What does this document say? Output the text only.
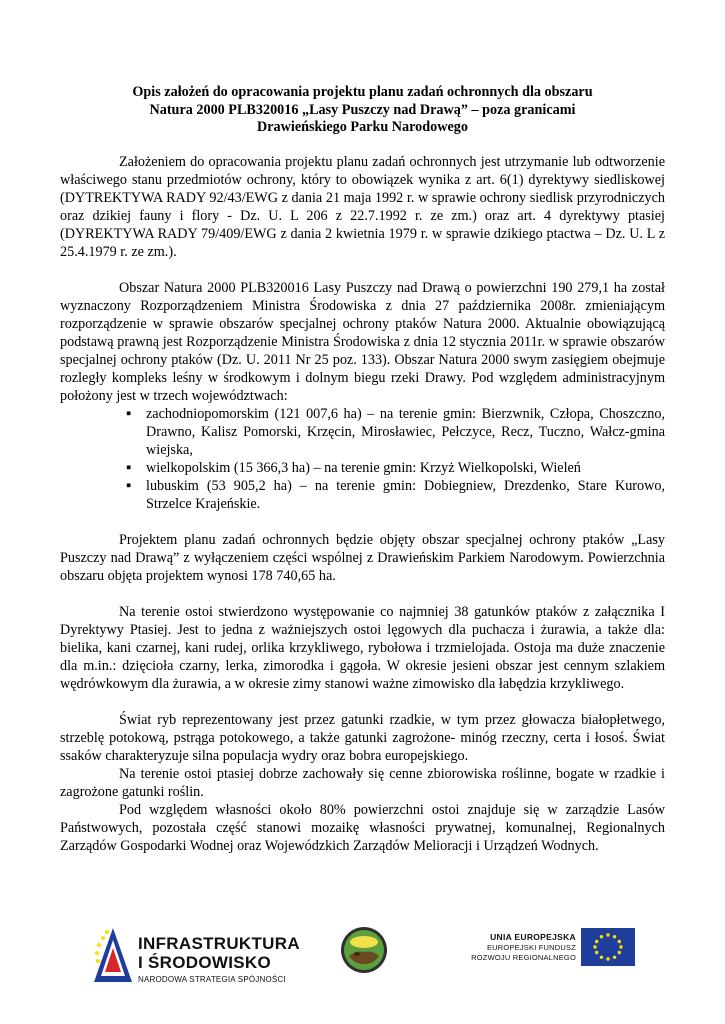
Opis założeń do opracowania projektu planu zadań ochronnych dla obszaru
Natura 2000 PLB320016 „Lasy Puszczy nad Drawą” – poza granicami
Drawieńskiego Parku Narodowego

Założeniem do opracowania projektu planu zadań ochronnych jest utrzymanie lub odtworzenie właściwego stanu przedmiotów ochrony, który to obowiązek wynika z art. 6(1) dyrektywy siedliskowej (DYTREKTYWA RADY 92/43/EWG z dania 21 maja 1992 r. w sprawie ochrony siedlisk przyrodniczych oraz dzikiej fauny i flory - Dz. U. L 206 z 22.7.1992 r. ze zm.) oraz art. 4 dyrektywy ptasiej (DYREKTYWA RADY 79/409/EWG z dania 2 kwietnia 1979 r. w sprawie dzikiego ptactwa – Dz. U. L z 25.4.1979 r. ze zm.).

Obszar Natura 2000 PLB320016 Lasy Puszczy nad Drawą o powierzchni 190 279,1 ha został wyznaczony Rozporządzeniem Ministra Środowiska z dnia 27 października 2008r. zmieniającym rozporządzenie w sprawie obszarów specjalnej ochrony ptaków Natura 2000. Aktualnie obowiązującą podstawą prawną jest Rozporządzenie Ministra Środowiska z dnia 12 stycznia 2011r. w sprawie obszarów specjalnej ochrony ptaków (Dz. U. 2011 Nr 25 poz. 133). Obszar Natura 2000 swym zasięgiem obejmuje rozległy kompleks leśny w środkowym i dolnym biegu rzeki Drawy. Pod względem administracyjnym położony jest w trzech województwach:

▪ zachodniopomorskim (121 007,6 ha) – na terenie gmin: Bierzwnik, Człopa, Choszczno, Drawno, Kalisz Pomorski, Krzęcin, Mirosławiec, Pełczyce, Recz, Tuczno, Wałcz-gmina wiejska,
▪ wielkopolskim (15 366,3 ha) – na terenie gmin: Krzyż Wielkopolski, Wieleń
▪ lubuskim (53 905,2 ha) – na terenie gmin: Dobiegniew, Drezdenko, Stare Kurowo, Strzelce Krajeńskie.

Projektem planu zadań ochronnych będzie objęty obszar specjalnej ochrony ptaków „Lasy Puszczy nad Drawą” z wyłączeniem części wspólnej z Drawieńskim Parkiem Narodowym. Powierzchnia obszaru objęta projektem wynosi 178 740,65 ha.

Na terenie ostoi stwierdzono występowanie co najmniej 38 gatunków ptaków z załącznika I Dyrektywy Ptasiej. Jest to jedna z ważniejszych ostoi lęgowych dla puchacza i żurawia, a także dla: bielika, kani czarnej, kani rudej, orlika krzykliwego, rybołowa i trzmielojada. Ostoja ma duże znaczenie dla m.in.: dzięcioła czarny, lerka, zimorodka i gągoła. W okresie jesieni obszar jest cennym szlakiem wędrówkowym dla żurawia, a w okresie zimy stanowi ważne zimowisko dla łabędzia krzykliwego.

Świat ryb reprezentowany jest przez gatunki rzadkie, w tym przez głowacza białopłetwego, strzeblę potokową, pstrąga potokowego, a także gatunki zagrożone- minóg rzeczny, certa i łosoś. Świat ssaków charakteryzuje silna populacja wydry oraz bobra europejskiego.

Na terenie ostoi ptasiej dobrze zachowały się cenne zbiorowiska roślinne, bogate w rzadkie i zagrożone gatunki roślin.

Pod względem własności około 80% powierzchni ostoi znajduje się w zarządzie Lasów Państwowych, pozostała część stanowi mozaikę własności prywatnej, komunalnej, Regionalnych Zarządów Gospodarki Wodnej oraz Wojewódzkich Zarządów Melioracji i Urządzeń Wodnych.

INFRASTRUKTURA
I ŚRODOWISKO
NARODOWA STRATEGIA SPÓJNOŚCI
UNIA EUROPEJSKA
EUROPEJSKI FUNDUSZ
ROZWOJU REGIONALNEGO
